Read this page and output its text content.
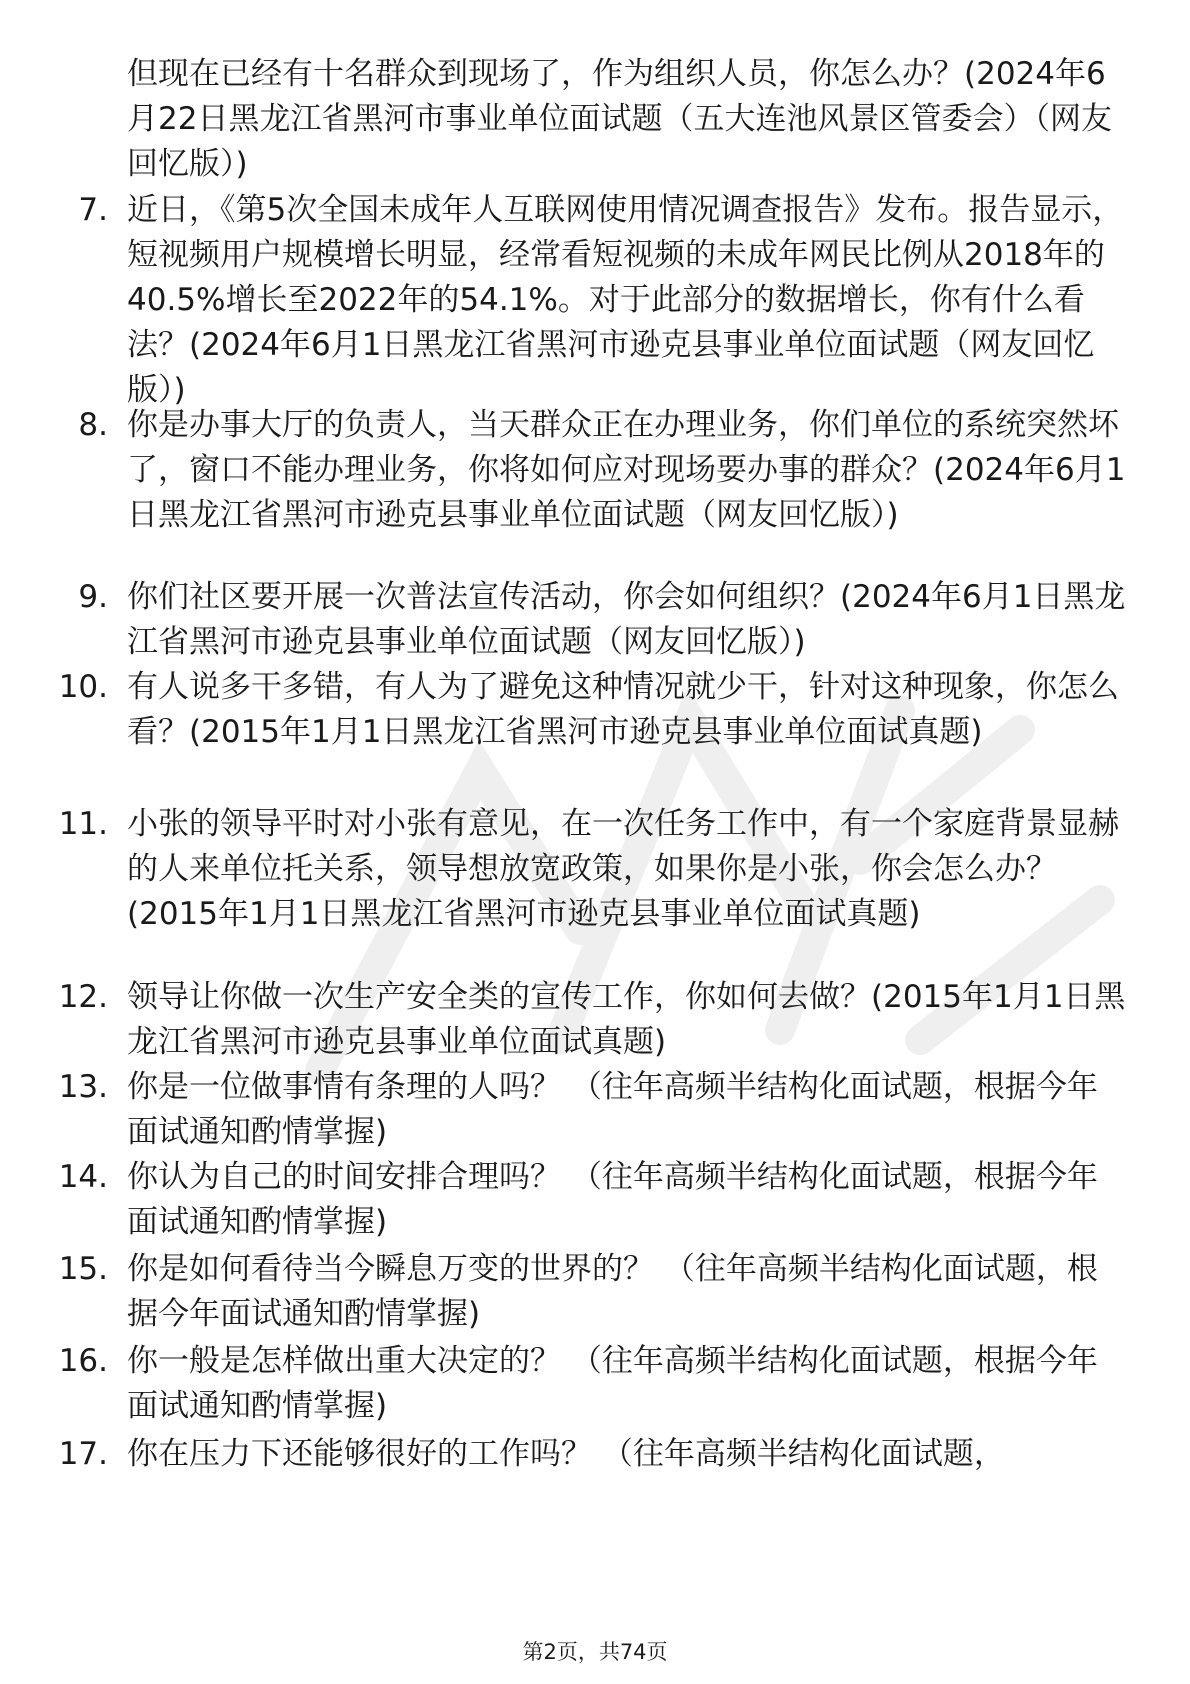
但现在已经有十名群众到现场了，作为组织人员，你怎么办？(2024年6月22日黑龙江省黑河市事业单位面试题（五大连池风景区管委会）（网友回忆版）)
7. 近日，《第5次全国未成年人互联网使用情况调查报告》发布。报告显示，短视频用户规模增长明显，经常看短视频的未成年网民比例从2018年的40.5%增长至2022年的54.1%。对于此部分的数据增长，你有什么看法？(2024年6月1日黑龙江省黑河市逊克县事业单位面试题（网友回忆版）)
8. 你是办事大厅的负责人，当天群众正在办理业务，你们单位的系统突然坏了，窗口不能办理业务，你将如何应对现场要办事的群众？(2024年6月1日黑龙江省黑河市逊克县事业单位面试题（网友回忆版）)
9. 你们社区要开展一次普法宣传活动，你会如何组织？(2024年6月1日黑龙江省黑河市逊克县事业单位面试题（网友回忆版）)
10. 有人说多干多错，有人为了避免这种情况就少干，针对这种现象，你怎么看？(2015年1月1日黑龙江省黑河市逊克县事业单位面试真题)
11. 小张的领导平时对小张有意见，在一次任务工作中，有一个家庭背景显赫的人来单位托关系，领导想放宽政策，如果你是小张，你会怎么办？(2015年1月1日黑龙江省黑河市逊克县事业单位面试真题)
12. 领导让你做一次生产安全类的宣传工作，你如何去做？(2015年1月1日黑龙江省黑河市逊克县事业单位面试真题)
13. 你是一位做事情有条理的人吗？ （往年高频半结构化面试题，根据今年面试通知酌情掌握)
14. 你认为自己的时间安排合理吗？ （往年高频半结构化面试题，根据今年面试通知酌情掌握)
15. 你是如何看待当今瞬息万变的世界的？ （往年高频半结构化面试题，根据今年面试通知酌情掌握)
16. 你一般是怎样做出重大决定的？ （往年高频半结构化面试题，根据今年面试通知酌情掌握)
17. 你在压力下还能够很好的工作吗？ （往年高频半结构化面试题，
第2页，共74页
